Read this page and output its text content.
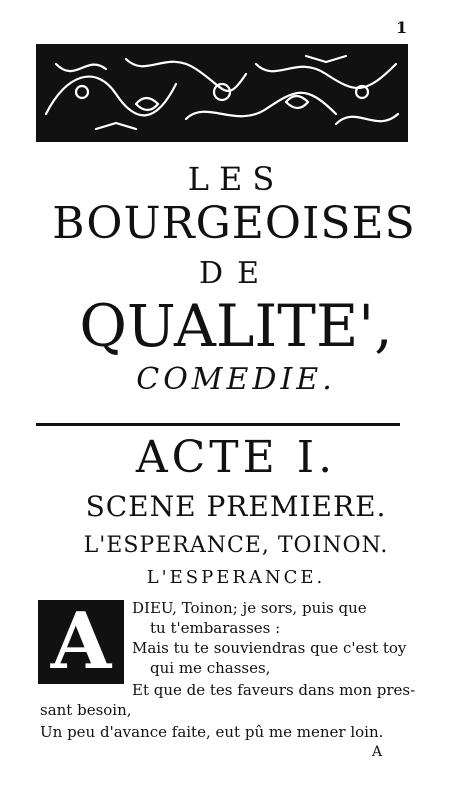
1
LES
BOURGEOISES
DE
QUALITE',
COMEDIE.
ACTE I.
SCENE PREMIERE.
L'ESPERANCE, TOINON.
L'ESPERANCE.
A DIEU, Toinon; je sors, puis que
tu t'embarasses :
Mais tu te souviendras que c'est toy
qui me chasses,
Et que de tes faveurs dans mon pres-
sant besoin,
Un peu d'avance faite, eut pû me mener loin.
A
